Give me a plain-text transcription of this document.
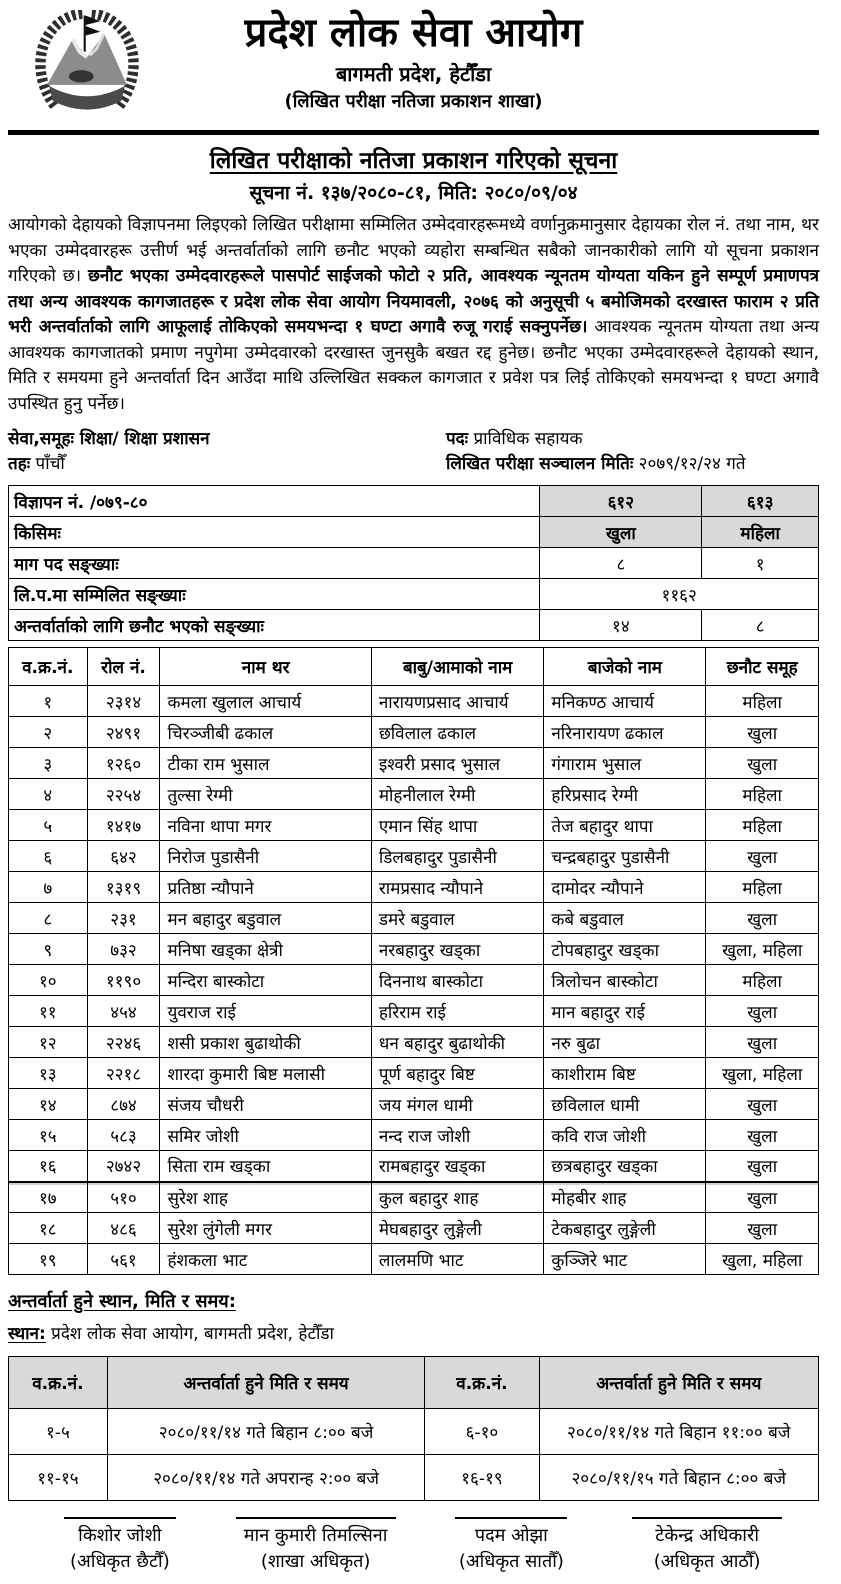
प्रदेश लोक सेवा आयोग
बागमती प्रदेश, हेटौँडा
(लिखित परीक्षा नतिजा प्रकाशन शाखा)
लिखित परीक्षाको नतिजा प्रकाशन गरिएको सूचना
सूचना नं. १३७/२०८०-८१, मिति: २०८०/०९/०४
आयोगको देहायको विज्ञापनमा लिइएको लिखित परीक्षामा सम्मिलित उम्मेदवारहरूमध्ये वर्णानुक्रमानुसार देहायका रोल नं. तथा नाम, थर भएका उम्मेदवारहरू उत्तीर्ण भई अन्तर्वार्ताको लागि छनौट भएको व्यहोरा सम्बन्धित सबैको जानकारीको लागि यो सूचना प्रकाशन गरिएको छ। छनौट भएका उम्मेदवारहरूले पासपोर्ट साईजको फोटो २ प्रति, आवश्यक न्यूनतम योग्यता यकिन हुने सम्पूर्ण प्रमाणपत्र तथा अन्य आवश्यक कागजातहरू र प्रदेश लोक सेवा आयोग नियमावली, २०७६ को अनुसूची ५ बमोजिमको दरखास्त फाराम २ प्रति भरी अन्तर्वार्ताको लागि आफूलाई तोकिएको समयभन्दा १ घण्टा अगावै रुजू गराई सक्नुपर्नेछ। आवश्यक न्यूनतम योग्यता तथा अन्य आवश्यक कागजातको प्रमाण नपुगेमा उम्मेदवारको दरखास्त जुनसुकै बखत रद्द हुनेछ। छनौट भएका उम्मेदवारहरूले देहायको स्थान, मिति र समयमा हुने अन्तर्वार्ता दिन आउँदा माथि उल्लिखित सक्कल कागजात र प्रवेश पत्र लिई तोकिएको समयभन्दा १ घण्टा अगावै उपस्थित हुनु पर्नेछ।
सेवा,समूहः शिक्षा/ शिक्षा प्रशासन
तहः पाँचौँ
पदः प्राविधिक सहायक
लिखित परीक्षा सञ्चालन मितिः २०७९/१२/२४ गते
विज्ञापन नं. /०७९-८०	६१२	६१३
किसिमः	खुला	महिला
माग पद सङ्ख्याः	८	१
लि.प.मा सम्मिलित सङ्ख्याः	११६२	
अन्तर्वार्ताको लागि छनौट भएको सङ्ख्याः	१४	८
व.क्र.नं.	रोल नं.	नाम थर	बाबु/आमाको नाम	बाजेको नाम	छनौट समूह
१	२३१४	कमला खुलाल आचार्य	नारायणप्रसाद आचार्य	मनिकण्ठ आचार्य	महिला
२	२४९१	चिरञ्जीबी ढकाल	छविलाल ढकाल	नरिनारायण ढकाल	खुला
३	१२६०	टीका राम भुसाल	इश्वरी प्रसाद भुसाल	गंगाराम भुसाल	खुला
४	२२५४	तुल्सा रेग्मी	मोहनीलाल रेग्मी	हरिप्रसाद रेग्मी	महिला
५	१४१७	नविना थापा मगर	एमान सिंह थापा	तेज बहादुर थापा	महिला
६	६४२	निरोज पुडासैनी	डिलबहादुर पुडासैनी	चन्द्रबहादुर पुडासैनी	खुला
७	१३१९	प्रतिष्ठा न्यौपाने	रामप्रसाद न्यौपाने	दामोदर न्यौपाने	महिला
८	२३१	मन बहादुर बडुवाल	डमरे बडुवाल	कबे बडुवाल	खुला
९	७३२	मनिषा खड्का क्षेत्री	नरबहादुर खड्का	टोपबहादुर खड्का	खुला, महिला
१०	११९०	मन्दिरा बास्कोटा	दिननाथ बास्कोटा	त्रिलोचन बास्कोटा	महिला
११	४५४	युवराज राई	हरिराम राई	मान बहादुर राई	खुला
१२	२२४६	शसी प्रकाश बुढाथोकी	धन बहादुर बुढाथोकी	नरु बुढा	खुला
१३	२२१८	शारदा कुमारी बिष्ट मलासी	पूर्ण बहादुर बिष्ट	काशीराम बिष्ट	खुला, महिला
१४	८७४	संजय चौधरी	जय मंगल धामी	छविलाल धामी	खुला
१५	५८३	समिर जोशी	नन्द राज जोशी	कवि राज जोशी	खुला
१६	२७४२	सिता राम खड्का	रामबहादुर खड्का	छत्रबहादुर खड्का	खुला
१७	५१०	सुरेश शाह	कुल बहादुर शाह	मोहबीर शाह	खुला
१८	४८६	सुरेश लुंगेली मगर	मेघबहादुर लुङ्गेली	टेकबहादुर लुङ्गेली	खुला
१९	५६१	हंशकला भाट	लालमणि भाट	कुञ्जिरे भाट	खुला, महिला
अन्तर्वार्ता हुने स्थान, मिति र समय:
स्थान: प्रदेश लोक सेवा आयोग, बागमती प्रदेश, हेटौँडा
व.क्र.नं.	अन्तर्वार्ता हुने मिति र समय	व.क्र.नं.	अन्तर्वार्ता हुने मिति र समय
१-५	२०८०/११/१४ गते बिहान ८:०० बजे	६-१०	२०८०/११/१४ गते बिहान ११:०० बजे
११-१५	२०८०/११/१४ गते अपरान्ह २:०० बजे	१६-१९	२०८०/११/१५ गते बिहान ८:०० बजे
किशोर जोशी
(अधिकृत छैटौँ)
मान कुमारी तिमल्सिना
(शाखा अधिकृत)
पदम ओझा
(अधिकृत सातौँ)
टेकेन्द्र अधिकारी
(अधिकृत आठौँ)
